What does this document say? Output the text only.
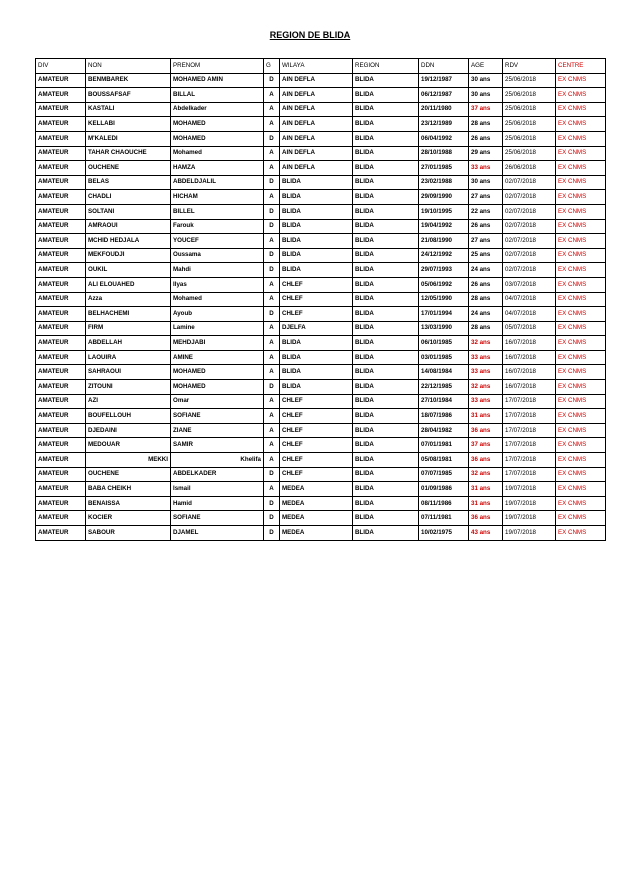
REGION DE BLIDA
DIV	NON	PRENOM	G	WILAYA	REGION	DDN	AGE	RDV	CENTRE
AMATEUR	BENMBAREK	MOHAMED AMIN	D	AIN DEFLA	BLIDA	19/12/1987	30 ans	25/06/2018	EX CNMS
AMATEUR	BOUSSAFSAF	BILLAL	A	AIN DEFLA	BLIDA	06/12/1987	30 ans	25/06/2018	EX CNMS
AMATEUR	KASTALI	Abdelkader	A	AIN DEFLA	BLIDA	20/11/1980	37 ans	25/06/2018	EX CNMS
AMATEUR	KELLABI	MOHAMED	A	AIN DEFLA	BLIDA	23/12/1989	28 ans	25/06/2018	EX CNMS
AMATEUR	M'KALEDI	MOHAMED	D	AIN DEFLA	BLIDA	06/04/1992	26 ans	25/06/2018	EX CNMS
AMATEUR	TAHAR CHAOUCHE	Mohamed	A	AIN DEFLA	BLIDA	28/10/1988	29 ans	25/06/2018	EX CNMS
AMATEUR	OUCHENE	HAMZA	A	AIN DEFLA	BLIDA	27/01/1985	33 ans	26/06/2018	EX CNMS
AMATEUR	BELAS	ABDELDJALIL	D	BLIDA	BLIDA	23/02/1988	30 ans	02/07/2018	EX CNMS
AMATEUR	CHADLI	HICHAM	A	BLIDA	BLIDA	29/09/1990	27 ans	02/07/2018	EX CNMS
AMATEUR	SOLTANI	BILLEL	D	BLIDA	BLIDA	19/10/1995	22 ans	02/07/2018	EX CNMS
AMATEUR	AMRAOUI	Farouk	D	BLIDA	BLIDA	19/04/1992	26 ans	02/07/2018	EX CNMS
AMATEUR	MCHID HEDJALA	YOUCEF	A	BLIDA	BLIDA	21/08/1990	27 ans	02/07/2018	EX CNMS
AMATEUR	MEKFOUDJI	Oussama	D	BLIDA	BLIDA	24/12/1992	25 ans	02/07/2018	EX CNMS
AMATEUR	OUKIL	Mahdi	D	BLIDA	BLIDA	29/07/1993	24 ans	02/07/2018	EX CNMS
AMATEUR	ALI ELOUAHED	Ilyas	A	CHLEF	BLIDA	05/06/1992	26 ans	03/07/2018	EX CNMS
AMATEUR	Azza	Mohamed	A	CHLEF	BLIDA	12/05/1990	28 ans	04/07/2018	EX CNMS
AMATEUR	BELHACHEMI	Ayoub	D	CHLEF	BLIDA	17/01/1994	24 ans	04/07/2018	EX CNMS
AMATEUR	FIRM	Lamine	A	DJELFA	BLIDA	13/03/1990	28 ans	05/07/2018	EX CNMS
AMATEUR	ABDELLAH	MEHDJABI	A	BLIDA	BLIDA	06/10/1985	32 ans	16/07/2018	EX CNMS
AMATEUR	LAOUIRA	AMINE	A	BLIDA	BLIDA	03/01/1985	33 ans	16/07/2018	EX CNMS
AMATEUR	SAHRAOUI	MOHAMED	A	BLIDA	BLIDA	14/08/1984	33 ans	16/07/2018	EX CNMS
AMATEUR	ZITOUNI	MOHAMED	D	BLIDA	BLIDA	22/12/1985	32 ans	16/07/2018	EX CNMS
AMATEUR	AZI	Omar	A	CHLEF	BLIDA	27/10/1984	33 ans	17/07/2018	EX CNMS
AMATEUR	BOUFELLOUH	SOFIANE	A	CHLEF	BLIDA	18/07/1986	31 ans	17/07/2018	EX CNMS
AMATEUR	DJEDAINI	ZIANE	A	CHLEF	BLIDA	28/04/1982	36 ans	17/07/2018	EX CNMS
AMATEUR	MEDOUAR	SAMIR	A	CHLEF	BLIDA	07/01/1981	37 ans	17/07/2018	EX CNMS
AMATEUR	MEKKI	Khelifa	A	CHLEF	BLIDA	05/08/1981	36 ans	17/07/2018	EX CNMS
AMATEUR	OUCHENE	ABDELKADER	D	CHLEF	BLIDA	07/07/1985	32 ans	17/07/2018	EX CNMS
AMATEUR	BABA CHEIKH	Ismail	A	MEDEA	BLIDA	01/09/1986	31 ans	19/07/2018	EX CNMS
AMATEUR	BENAISSA	Hamid	D	MEDEA	BLIDA	08/11/1986	31 ans	19/07/2018	EX CNMS
AMATEUR	KOCIER	SOFIANE	D	MEDEA	BLIDA	07/11/1981	36 ans	19/07/2018	EX CNMS
AMATEUR	SABOUR	DJAMEL	D	MEDEA	BLIDA	10/02/1975	43 ans	19/07/2018	EX CNMS
